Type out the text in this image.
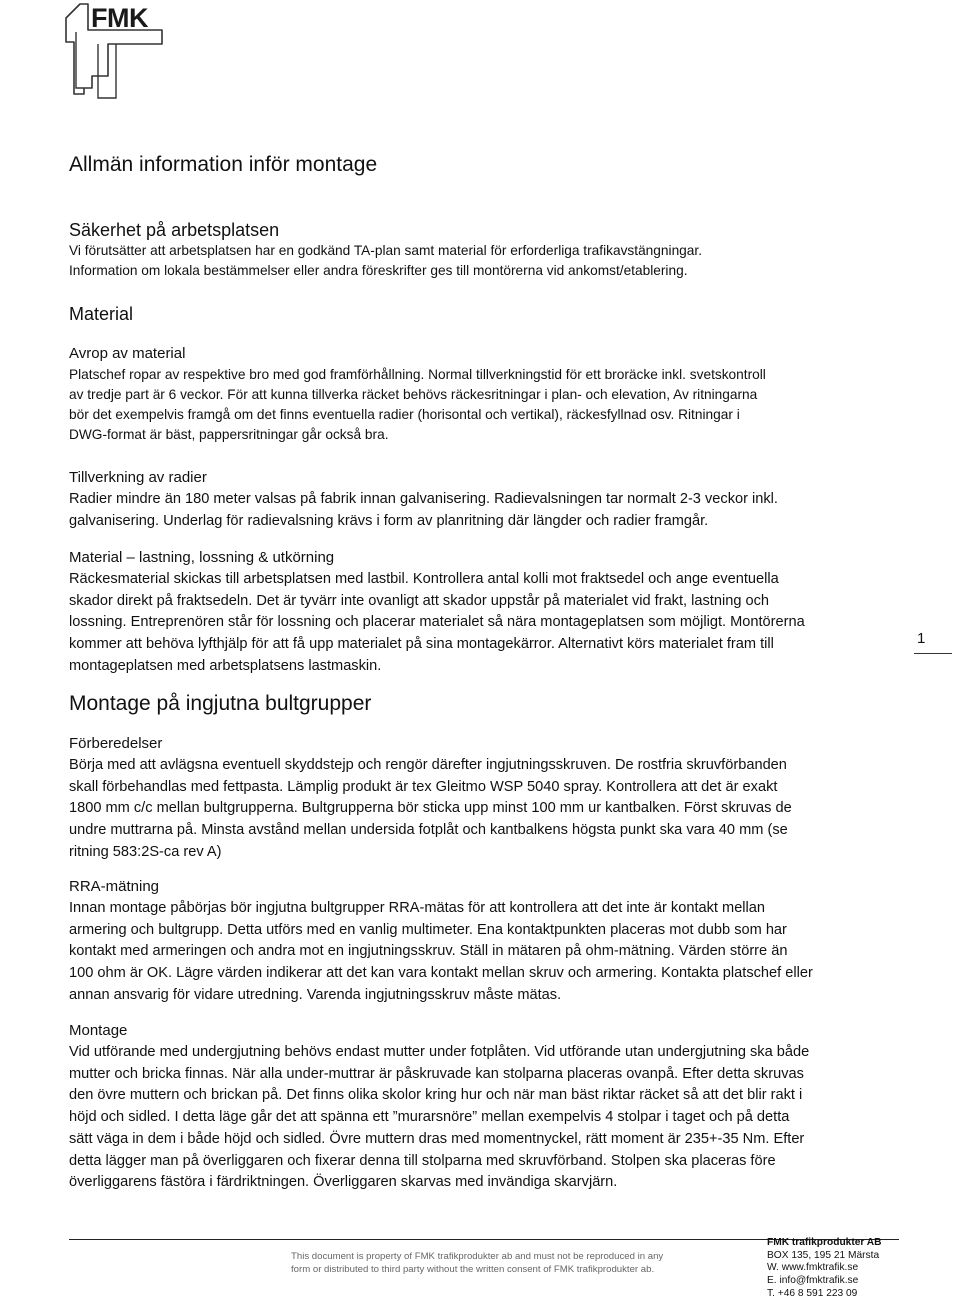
FMK
Allmän information inför montage
Säkerhet på arbetsplatsen

Vi förutsätter att arbetsplatsen har en godkänd TA-plan samt material för erforderliga trafikavstängningar.

Information om lokala bestämmelser eller andra föreskrifter ges till montörerna vid ankomst/etablering.

Material
Avrop av material

Platschef ropar av respektive bro med god framförhållning. Normal tillverkningstid för ett broräcke inkl. svetskontroll

av tredje part är 6 veckor. För att kunna tillverka räcket behövs räckesritningar i plan- och elevation, Av ritningarna

bör det exempelvis framgå om det finns eventuella radier (horisontal och vertikal), räckesfyllnad osv. Ritningar i

DWG-format är bäst, pappersritningar går också bra.

Tillverkning av radier

Radier mindre än 180 meter valsas på fabrik innan galvanisering. Radievalsningen tar normalt 2-3 veckor inkl.

galvanisering. Underlag för radievalsning krävs i form av planritning där längder och radier framgår.

Material – lastning, lossning & utkörning

Räckesmaterial skickas till arbetsplatsen med lastbil. Kontrollera antal kolli mot fraktsedel och ange eventuella

skador direkt på fraktsedeln. Det är tyvärr inte ovanligt att skador uppstår på materialet vid frakt, lastning och

lossning. Entreprenören står för lossning och placerar materialet så nära montageplatsen som möjligt. Montörerna

kommer att behöva lyfthjälp för att få upp materialet på sina montagekärror. Alternativt körs materialet fram till

montageplatsen med arbetsplatsens lastmaskin.

Montage på ingjutna bultgrupper
Förberedelser

Börja med att avlägsna eventuell skyddstejp och rengör därefter ingjutningsskruven. De rostfria skruvförbanden

skall förbehandlas med fettpasta. Lämplig produkt är tex Gleitmo WSP 5040 spray. Kontrollera att det är exakt

1800 mm c/c mellan bultgrupperna. Bultgrupperna bör sticka upp minst 100 mm ur kantbalken. Först skruvas de

undre muttrarna på. Minsta avstånd mellan undersida fotplåt och kantbalkens högsta punkt ska vara 40 mm (se

ritning 583:2S-ca rev A)

RRA-mätning

Innan montage påbörjas bör ingjutna bultgrupper RRA-mätas för att kontrollera att det inte är kontakt mellan

armering och bultgrupp. Detta utförs med en vanlig multimeter. Ena kontaktpunkten placeras mot dubb som har

kontakt med armeringen och andra mot en ingjutningsskruv. Ställ in mätaren på ohm-mätning. Värden större än

100 ohm är OK. Lägre värden indikerar att det kan vara kontakt mellan skruv och armering. Kontakta platschef eller

annan ansvarig för vidare utredning. Varenda ingjutningsskruv måste mätas.

Montage

Vid utförande med undergjutning behövs endast mutter under fotplåten. Vid utförande utan undergjutning ska både

mutter och bricka finnas. När alla under-muttrar är påskruvade kan stolparna placeras ovanpå. Efter detta skruvas

den övre muttern och brickan på. Det finns olika skolor kring hur och när man bäst riktar räcket så att det blir rakt i

höjd och sidled. I detta läge går det att spänna ett ”murarsnöre” mellan exempelvis 4 stolpar i taget och på detta

sätt väga in dem i både höjd och sidled. Övre muttern dras med momentnyckel, rätt moment är 235+-35 Nm. Efter

detta lägger man på överliggaren och fixerar denna till stolparna med skruvförband. Stolpen ska placeras före

överliggarens fästöra i färdriktningen. Överliggaren skarvas med invändiga skarvjärn.

1
This document is property of FMK trafikprodukter ab and must not be reproduced in any
form or distributed to third party without the written consent of FMK trafikprodukter ab.
FMK trafikprodukter AB
BOX 135, 195 21 Märsta
W. www.fmktrafik.se
E. info@fmktrafik.se
T. +46 8 591 223 09
